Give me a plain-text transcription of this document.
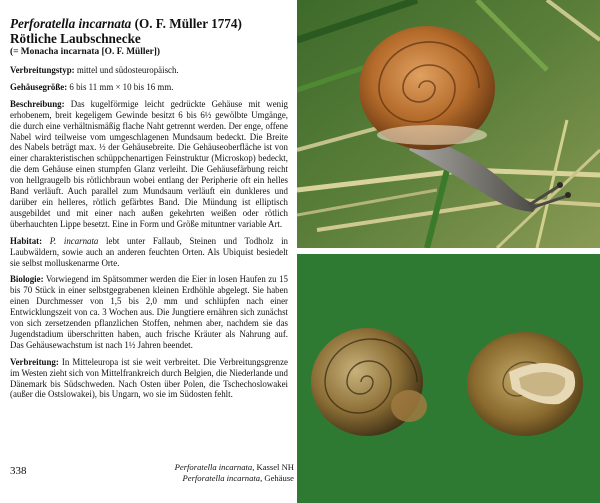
Perforatella incarnata (O. F. Müller 1774)

Rötliche Laubschnecke

(= Monacha incarnata [O. F. Müller])

Verbreitungstyp: mittel und südosteuropäisch.

Gehäusegröße: 6 bis 11 mm × 10 bis 16 mm.

Beschreibung: Das kugelförmige leicht gedrückte Gehäuse mit wenig erhobenem, breit kegeligem Gewinde besitzt 6 bis 6½ gewölbte Umgänge, die durch eine verhältnismäßig flache Naht getrennt werden. Der enge, offene Nabel wird teilweise vom umgeschlagenen Mundsaum bedeckt. Die Breite des Nabels beträgt max. ½ der Gehäusebreite. Die Gehäuseoberfläche ist von einer charakteristischen schüppchenartigen Feinstruktur (Microskop) bedeckt, die dem Gehäuse einen stumpfen Glanz verleiht. Die Gehäusefärbung reicht von hellgraugelb bis rötlichbraun wobei entlang der Peripherie oft ein helles Band verläuft. Auch parallel zum Mundsaum verläuft ein dunkleres und darüber ein helleres, rötlich gefärbtes Band. Die Mündung ist elliptisch ausgebildet und mit einer nach außen gekehrten weißen oder rötlich überhauchten Lippe besetzt. Eine in Form und Größe mituntner variable Art.

Habitat: P. incarnata lebt unter Fallaub, Steinen und Todholz in Laubwäldern, sowie auch an anderen feuchten Orten. Als Ubiquist besiedelt sie selbst molluskenarme Orte.

Biologie: Vorwiegend im Spätsommer werden die Eier in losen Haufen zu 15 bis 70 Stück in einer selbstgegrabenen kleinen Erdhöhle abgelegt. Sie haben einen Durchmesser von 1,5 bis 2,0 mm und schlüpfen nach einer Entwicklungszeit von ca. 3 Wochen aus. Die Jungtiere ernähren sich zunächst von sich zersetzenden pflanzlichen Stoffen, nehmen aber, nachdem sie das Jugendstadium überschritten haben, auch frische Kräuter als Nahrung auf. Das Gehäusewachstum ist nach 1½ Jahren beendet.

Verbreitung: In Mitteleuropa ist sie weit verbreitet. Die Verbreitungsgrenze im Westen zieht sich von Mittelfrankreich durch Belgien, die Niederlande und Dänemark bis Südschweden. Nach Osten über Polen, die Tschechoslowakei (außer die Ostslowakei), bis Ungarn, wo sie im Südosten fehlt.

338	Perforatella incarnata, Kassel NH
Perforatella incarnata, Gehäuse
